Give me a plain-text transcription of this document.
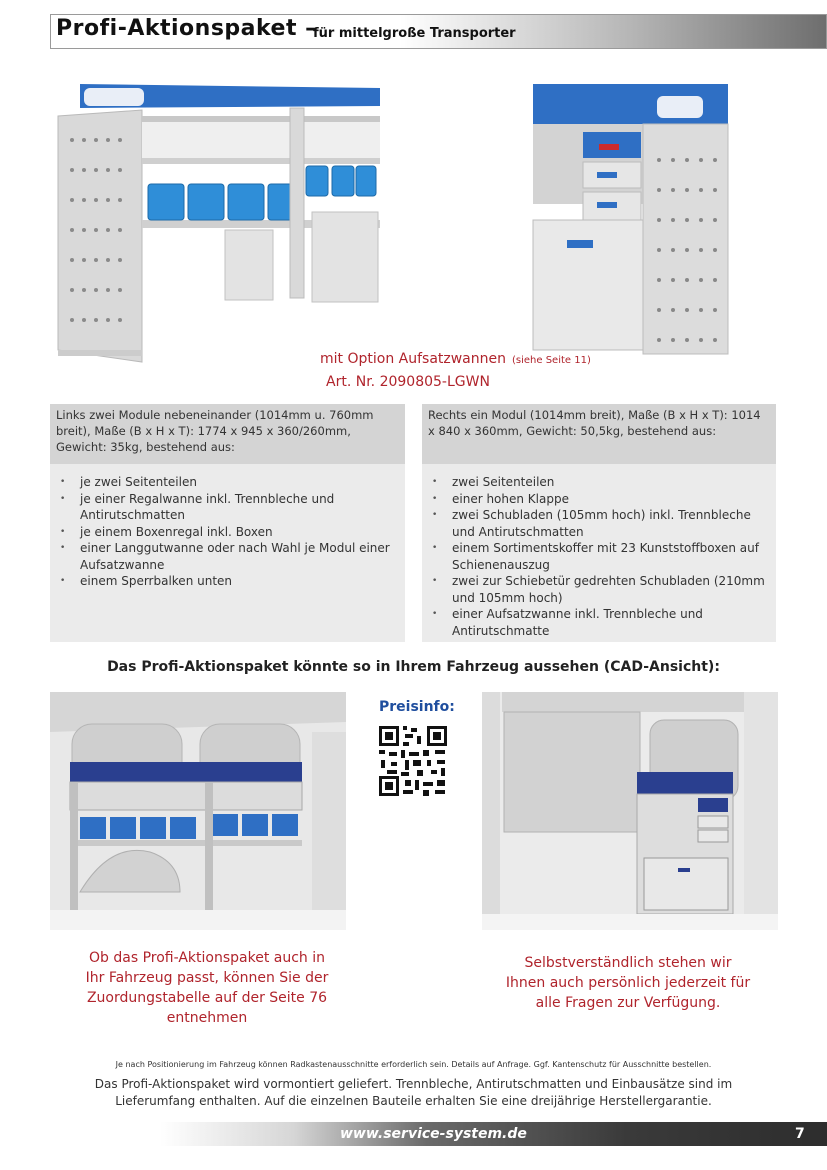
Profi-Aktionspaket –
für mittelgroße Transporter
mit Option Aufsatzwannen (siehe Seite 11)
Art. Nr. 2090805-LGWN
Links zwei Module nebeneinander (1014mm u. 760mm breit), Maße (B x H x T): 1774 x 945 x 360/260mm, Gewicht: 35kg, bestehend aus:
• je zwei Seitenteilen
• je einer Regalwanne inkl. Trennbleche und Antirutschmatten
• je einem Boxenregal inkl. Boxen
• einer Langgutwanne oder nach Wahl je Modul einer Aufsatzwanne
• einem Sperrbalken unten
Rechts ein Modul (1014mm breit), Maße (B x H x T): 1014 x 840 x 360mm, Gewicht: 50,5kg, bestehend aus:
• zwei Seitenteilen
• einer hohen Klappe
• zwei Schubladen (105mm hoch) inkl. Trennbleche und Antirutschmatten
• einem Sortimentskoffer mit 23 Kunststoffboxen auf Schienenauszug
• zwei zur Schiebetür gedrehten Schubladen (210mm und 105mm hoch)
• einer Aufsatzwanne inkl. Trennbleche und Antirutschmatte
Das Profi-Aktionspaket könnte so in Ihrem Fahrzeug aussehen (CAD-Ansicht):
Preisinfo:
Ob das Profi-Aktionspaket auch in
Ihr Fahrzeug passt, können Sie der
Zuordungstabelle auf der Seite 76
entnehmen
Selbstverständlich stehen wir
Ihnen auch persönlich jederzeit für
alle Fragen zur Verfügung.
Je nach Positionierung im Fahrzeug können Radkastenausschnitte erforderlich sein. Details auf Anfrage. Ggf. Kantenschutz für Ausschnitte bestellen.
Das Profi-Aktionspaket wird vormontiert geliefert. Trennbleche, Antirutschmatten und Einbausätze sind im
Lieferumfang enthalten. Auf die einzelnen Bauteile erhalten Sie eine dreijährige Herstellergarantie.
www.service-system.de	7
